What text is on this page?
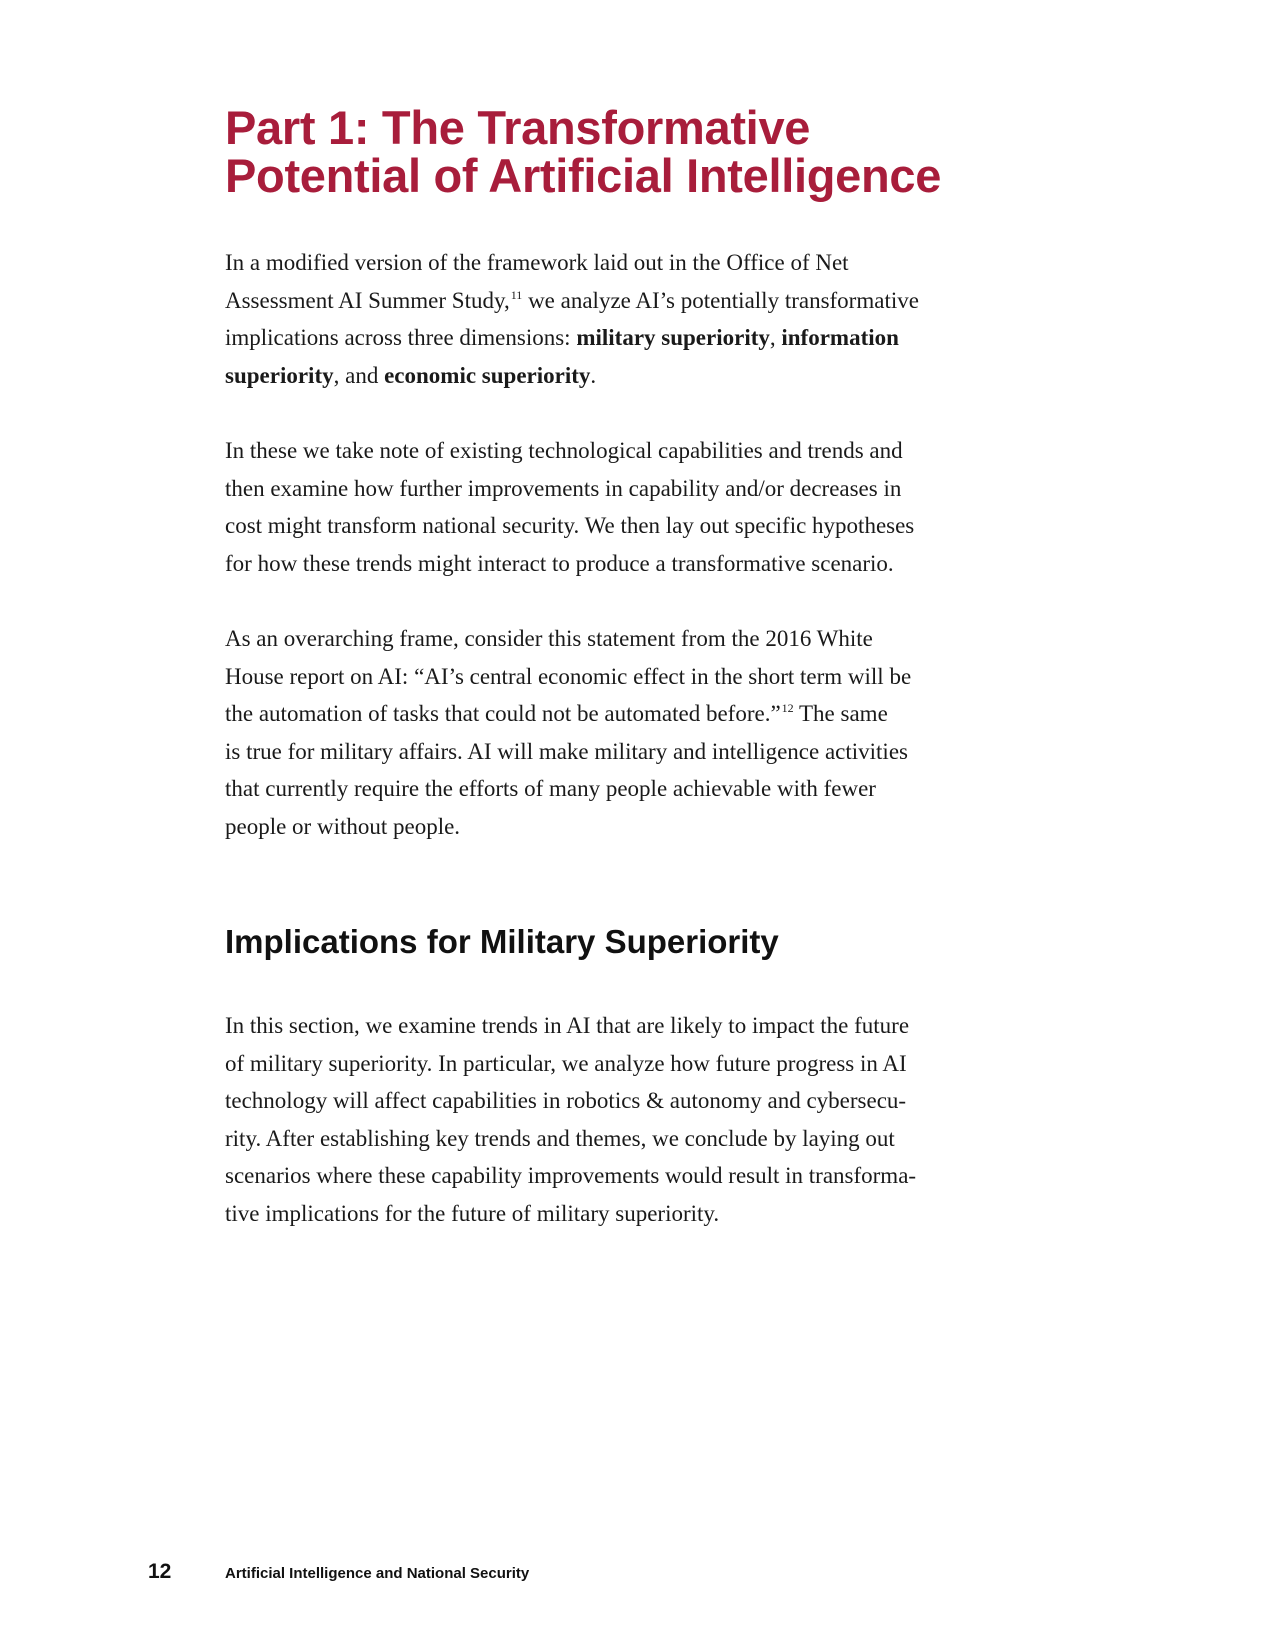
Part 1: The Transformative
Potential of Artificial Intelligence

In a modified version of the framework laid out in the Office of Net
Assessment AI Summer Study,$^{11}$ we analyze AI’s potentially transformative
implications across three dimensions: military superiority, information
superiority, and economic superiority.

In these we take note of existing technological capabilities and trends and
then examine how further improvements in capability and/or decreases in
cost might transform national security. We then lay out specific hypotheses
for how these trends might interact to produce a transformative scenario.

As an overarching frame, consider this statement from the 2016 White
House report on AI: “AI’s central economic effect in the short term will be
the automation of tasks that could not be automated before.”$^{12}$ The same
is true for military affairs. AI will make military and intelligence activities
that currently require the efforts of many people achievable with fewer
people or without people.

Implications for Military Superiority

In this section, we examine trends in AI that are likely to impact the future
of military superiority. In particular, we analyze how future progress in AI
technology will affect capabilities in robotics & autonomy and cybersecu-
rity. After establishing key trends and themes, we conclude by laying out
scenarios where these capability improvements would result in transforma-
tive implications for the future of military superiority.

12	Artificial Intelligence and National Security
